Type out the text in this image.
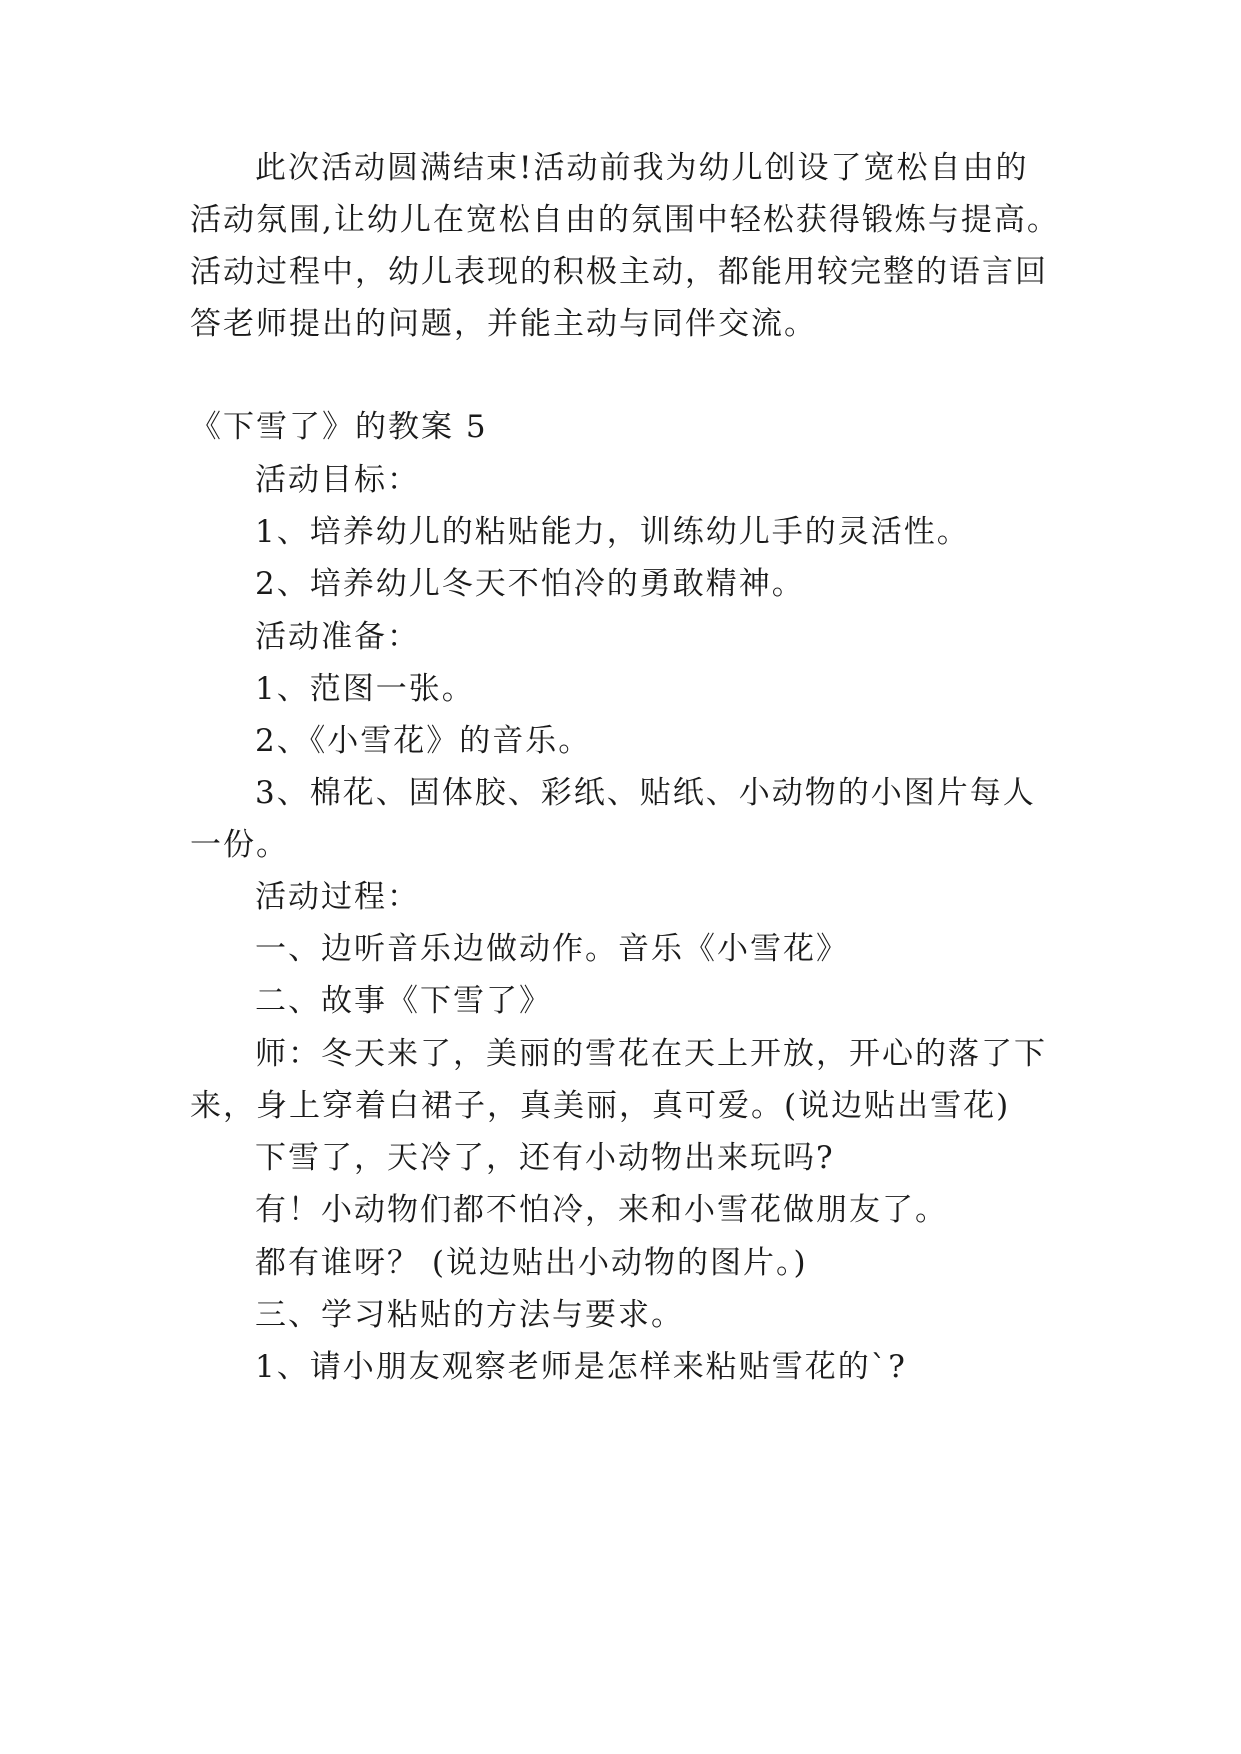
此次活动圆满结束!活动前我为幼儿创设了宽松自由的
活动氛围,让幼儿在宽松自由的氛围中轻松获得锻炼与提高。
活动过程中，幼儿表现的积极主动，都能用较完整的语言回
答老师提出的问题，并能主动与同伴交流。
《下雪了》的教案 5
活动目标：
1、培养幼儿的粘贴能力，训练幼儿手的灵活性。
2、培养幼儿冬天不怕冷的勇敢精神。
活动准备：
1、范图一张。
2、《小雪花》的音乐。
3、棉花、固体胶、彩纸、贴纸、小动物的小图片每人
一份。
活动过程：
一、边听音乐边做动作。音乐《小雪花》
二、故事《下雪了》
师：冬天来了，美丽的雪花在天上开放，开心的落了下
来，身上穿着白裙子，真美丽，真可爱。(说边贴出雪花)
下雪了，天冷了，还有小动物出来玩吗?
有！小动物们都不怕冷，来和小雪花做朋友了。
都有谁呀？ (说边贴出小动物的图片。)
三、学习粘贴的方法与要求。
1、请小朋友观察老师是怎样来粘贴雪花的`?
